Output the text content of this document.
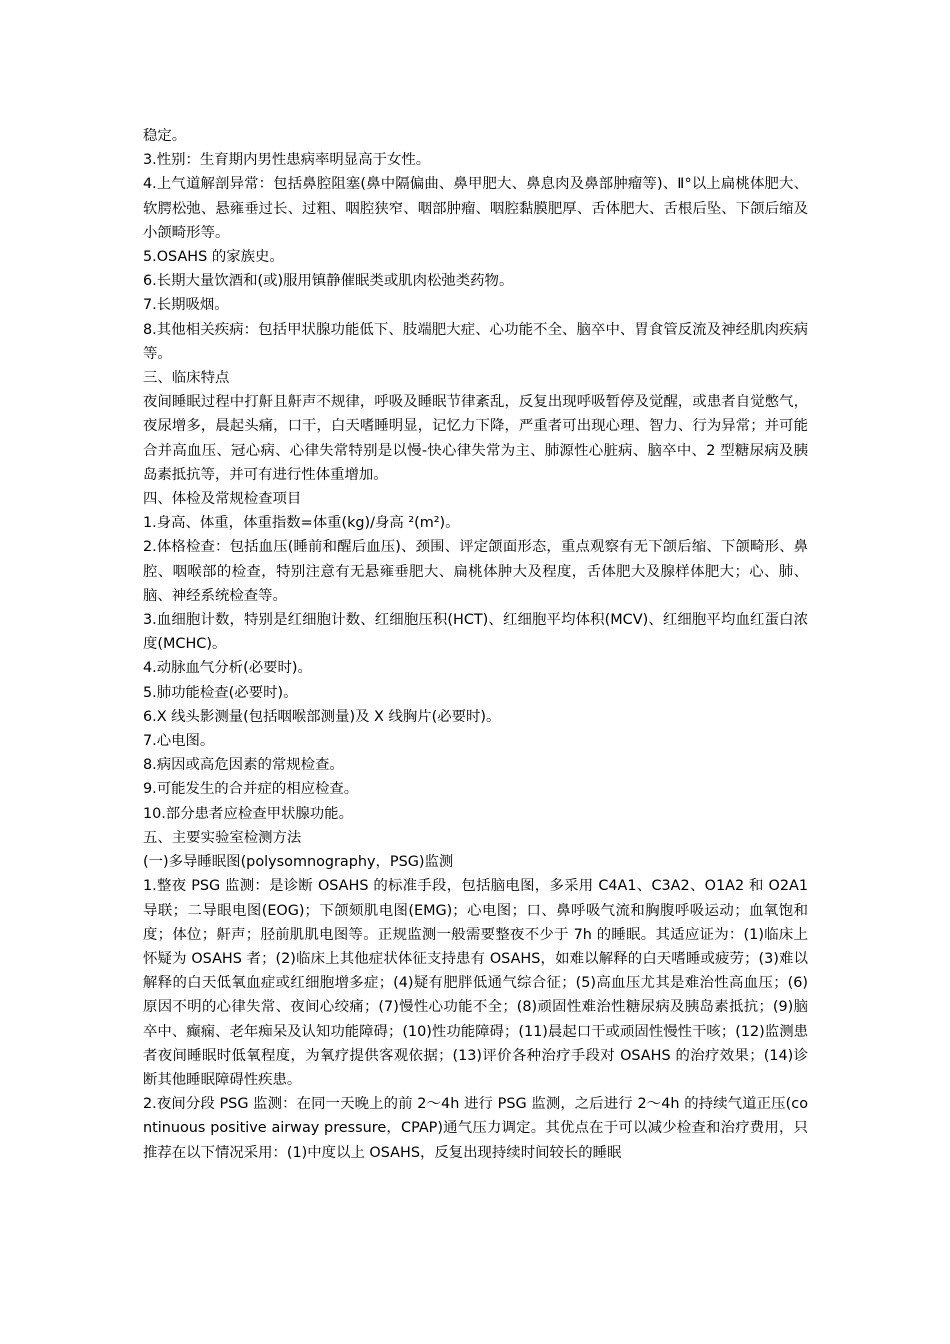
稳定。

3.性别：生育期内男性患病率明显高于女性。

4.上气道解剖异常：包括鼻腔阻塞(鼻中隔偏曲、鼻甲肥大、鼻息肉及鼻部肿瘤等)、Ⅱ°以上扁桃体肥大、软腭松弛、悬雍垂过长、过粗、咽腔狭窄、咽部肿瘤、咽腔黏膜肥厚、舌体肥大、舌根后坠、下颌后缩及小颌畸形等。

5.OSAHS 的家族史。

6.长期大量饮酒和(或)服用镇静催眠类或肌肉松弛类药物。

7.长期吸烟。

8.其他相关疾病：包括甲状腺功能低下、肢端肥大症、心功能不全、脑卒中、胃食管反流及神经肌肉疾病等。

三、临床特点

夜间睡眠过程中打鼾且鼾声不规律，呼吸及睡眠节律紊乱，反复出现呼吸暂停及觉醒，或患者自觉憋气，夜尿增多，晨起头痛，口干，白天嗜睡明显，记忆力下降，严重者可出现心理、智力、行为异常；并可能合并高血压、冠心病、心律失常特别是以慢-快心律失常为主、肺源性心脏病、脑卒中、2 型糖尿病及胰岛素抵抗等，并可有进行性体重增加。

四、体检及常规检查项目

1.身高、体重，体重指数=体重(kg)/身高 ²(m²)。

2.体格检查：包括血压(睡前和醒后血压)、颈围、评定颌面形态，重点观察有无下颌后缩、下颌畸形、鼻腔、咽喉部的检查，特别注意有无悬雍垂肥大、扁桃体肿大及程度，舌体肥大及腺样体肥大；心、肺、脑、神经系统检查等。

3.血细胞计数，特别是红细胞计数、红细胞压积(HCT)、红细胞平均体积(MCV)、红细胞平均血红蛋白浓度(MCHC)。

4.动脉血气分析(必要时)。

5.肺功能检查(必要时)。

6.X 线头影测量(包括咽喉部测量)及 X 线胸片(必要时)。

7.心电图。

8.病因或高危因素的常规检查。

9.可能发生的合并症的相应检查。

10.部分患者应检查甲状腺功能。

五、主要实验室检测方法

(一)多导睡眠图(polysomnography，PSG)监测

1.整夜 PSG 监测：是诊断 OSAHS 的标准手段，包括脑电图，多采用 C4A1、C3A2、O1A2 和 O2A1 导联；二导眼电图(EOG)；下颌颏肌电图(EMG)；心电图；口、鼻呼吸气流和胸腹呼吸运动；血氧饱和度；体位；鼾声；胫前肌肌电图等。正规监测一般需要整夜不少于 7h 的睡眠。其适应证为：(1)临床上怀疑为 OSAHS 者；(2)临床上其他症状体征支持患有 OSAHS，如难以解释的白天嗜睡或疲劳；(3)难以解释的白天低氧血症或红细胞增多症；(4)疑有肥胖低通气综合征；(5)高血压尤其是难治性高血压；(6)原因不明的心律失常、夜间心绞痛；(7)慢性心功能不全；(8)顽固性难治性糖尿病及胰岛素抵抗；(9)脑卒中、癫痫、老年痴呆及认知功能障碍；(10)性功能障碍；(11)晨起口干或顽固性慢性干咳；(12)监测患者夜间睡眠时低氧程度，为氧疗提供客观依据；(13)评价各种治疗手段对 OSAHS 的治疗效果；(14)诊断其他睡眠障碍性疾患。

2.夜间分段 PSG 监测：在同一天晚上的前 2～4h 进行 PSG 监测，之后进行 2～4h 的持续气道正压(continuous positive airway pressure，CPAP)通气压力调定。其优点在于可以减少检查和治疗费用，只推荐在以下情况采用：(1)中度以上 OSAHS，反复出现持续时间较长的睡眠
